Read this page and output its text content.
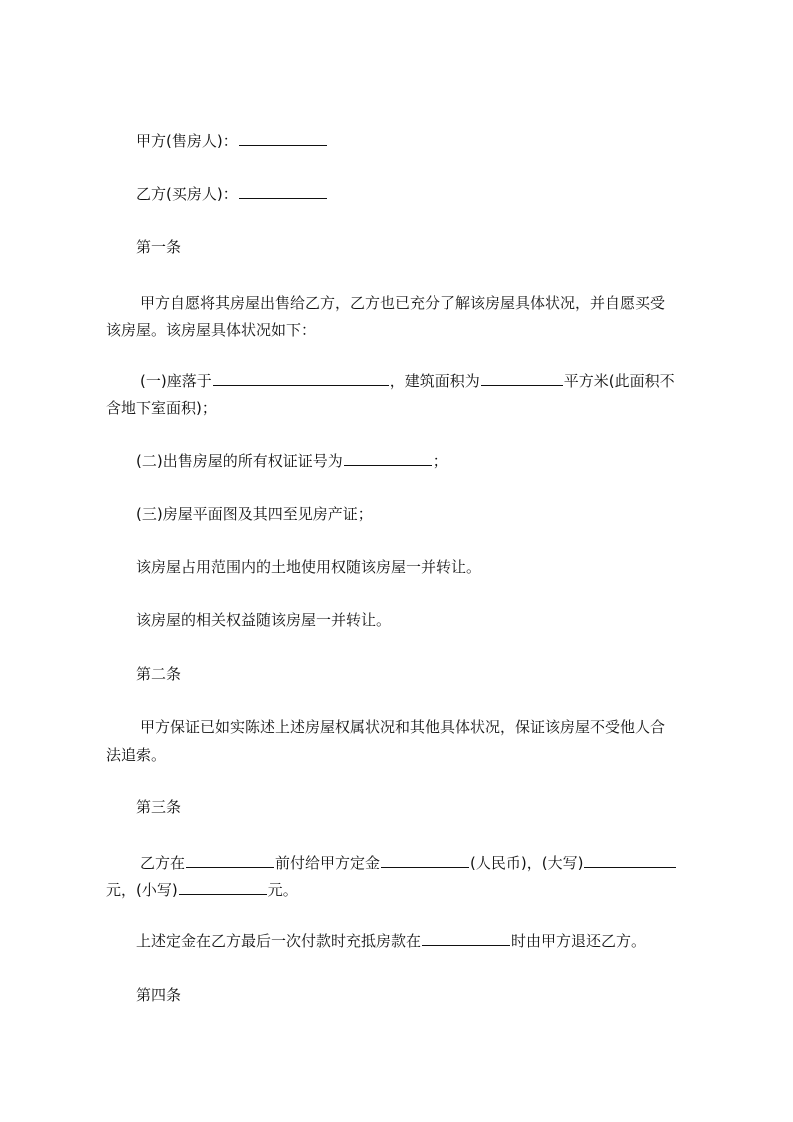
甲方(售房人)：
乙方(买房人)：
第一条
甲方自愿将其房屋出售给乙方，乙方也已充分了解该房屋具体状况，并自愿买受
该房屋。该房屋具体状况如下：
(一)座落于	，建筑面积为	平方米(此面积不
含地下室面积)；
(二)出售房屋的所有权证证号为	；
(三)房屋平面图及其四至见房产证；
该房屋占用范围内的土地使用权随该房屋一并转让。
该房屋的相关权益随该房屋一并转让。
第二条
甲方保证已如实陈述上述房屋权属状况和其他具体状况，保证该房屋不受他人合
法追索。
第三条
乙方在	前付给甲方定金	(人民币)，(大写)
元，(小写)	元。
上述定金在乙方最后一次付款时充抵房款在	时由甲方退还乙方。
第四条
